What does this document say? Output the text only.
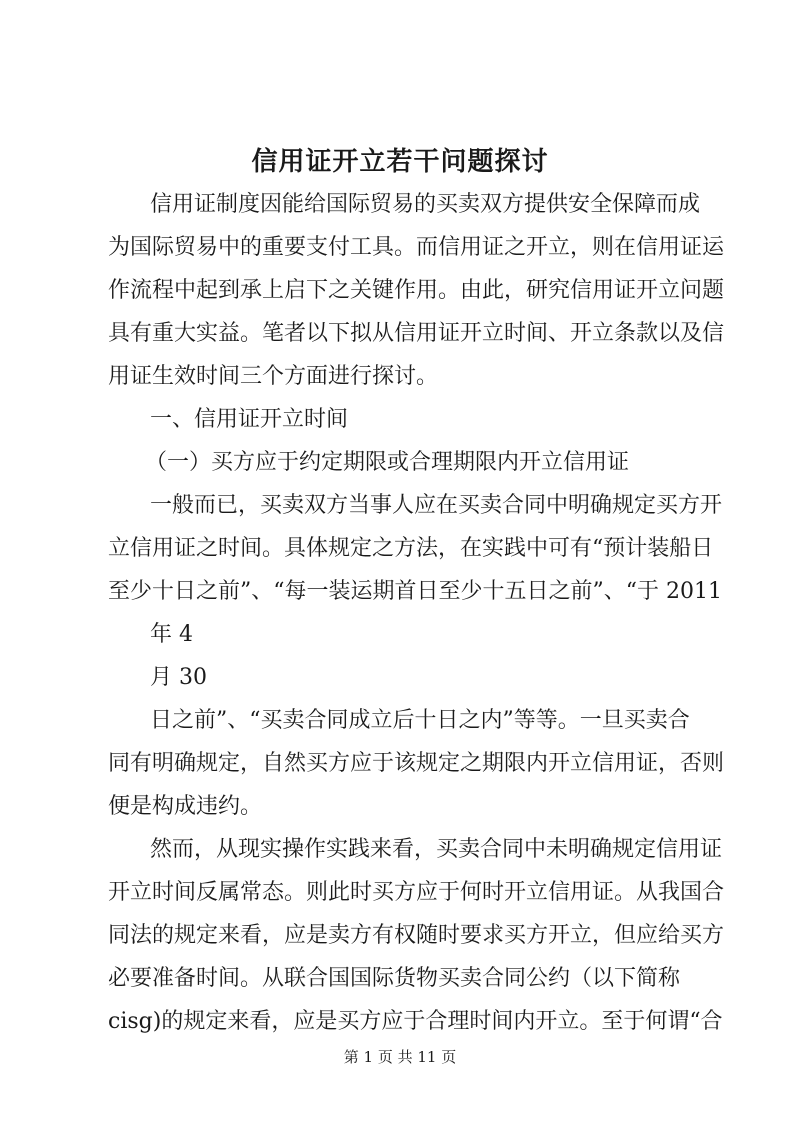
信用证开立若干问题探讨
信用证制度因能给国际贸易的买卖双方提供安全保障而成
为国际贸易中的重要支付工具。而信用证之开立，则在信用证运
作流程中起到承上启下之关键作用。由此，研究信用证开立问题
具有重大实益。笔者以下拟从信用证开立时间、开立条款以及信
用证生效时间三个方面进行探讨。
一、信用证开立时间
（一）买方应于约定期限或合理期限内开立信用证
一般而已，买卖双方当事人应在买卖合同中明确规定买方开
立信用证之时间。具体规定之方法，在实践中可有“预计装船日
至少十日之前”、“每一装运期首日至少十五日之前”、“于 2011
年 4
月 30
日之前”、“买卖合同成立后十日之内”等等。一旦买卖合
同有明确规定，自然买方应于该规定之期限内开立信用证，否则
便是构成违约。
然而，从现实操作实践来看，买卖合同中未明确规定信用证
开立时间反属常态。则此时买方应于何时开立信用证。从我国合
同法的规定来看，应是卖方有权随时要求买方开立，但应给买方
必要准备时间。从联合国国际货物买卖合同公约（以下简称
cisg)的规定来看，应是买方应于合理时间内开立。至于何谓“合
第 1 页 共 11 页
